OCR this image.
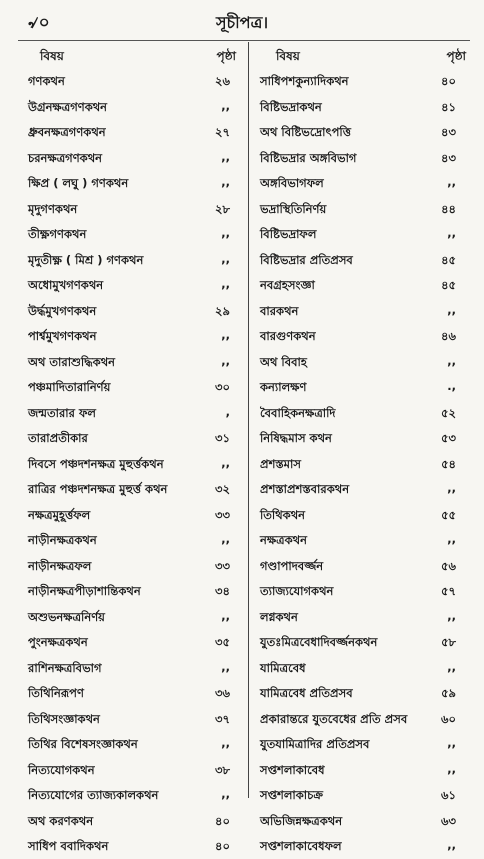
৵০	সূচীপত্র।
বিষয়	পৃষ্ঠা
গণকথন	২৬
উগ্রনক্ষত্রগণকথন	,,
ধ্রুবনক্ষত্রগণকথন	২৭
চরনক্ষত্রগণকথন	,,
ক্ষিপ্র ( লঘু ) গণকথন	,,
মৃদুগণকথন	২৮
তীক্ষ্ণগণকথন	,,
মৃদুতীক্ষ্ণ ( মিশ্র ) গণকথন	,,
অধোমুখগণকথন	,,
উর্দ্ধমুখগণকথন	২৯
পার্শ্বমুখগণকথন	,,
অথ তারাশুদ্ধিকথন	,,
পঞ্চমাদিতারানির্ণয়	৩০
জন্মতারার ফল	,
তারাপ্রতীকার	৩১
দিবসে পঞ্চদশনক্ষত্র মুহুর্ত্তকথন	,,
রাত্রির পঞ্চদশনক্ষত্র মুহুর্ত্ত কথন	৩২
নক্ষত্রমুহূর্ত্তফল	৩৩
নাড়ীনক্ষত্রকথন	,,
নাড়ীনক্ষত্রফল	৩৩
নাড়ীনক্ষত্রপীড়াশান্তিকথন	৩৪
অশুভনক্ষত্রনির্ণয়	,,
পুংনক্ষত্রকথন	৩৫
রাশিনক্ষত্রবিভাগ	,,
তিথিনিরূপণ	৩৬
তিথিসংজ্ঞাকথন	৩৭
তিথির বিশেষসংজ্ঞাকথন	,,
নিত্যযোগকথন	৩৮
নিত্যযোগের ত্যাজ্যকালকথন	,,
অথ করণকথন	৪০
সাধিপ ববাদিকথন	৪০
বিষয়	পৃষ্ঠা
সাধিপশকুন্যাদিকথন	৪০
বিষ্টিভদ্রাকথন	৪১
অথ বিষ্টিভদ্রোৎপত্তি	৪৩
বিষ্টিভদ্রার অঙ্গবিভাগ	৪৩
অঙ্গবিভাগফল	,,
ভদ্রাস্থিতিনির্ণয়	৪৪
বিষ্টিভদ্রাফল	,,
বিষ্টিভদ্রার প্রতিপ্রসব	৪৫
নবগ্রহসংজ্ঞা	৪৫
বারকথন	,,
বারগুণকথন	৪৬
অথ বিবাহ	,,
কন্যালক্ষণ	.,
বৈবাহিকনক্ষত্রাদি	৫২
নিষিদ্ধমাস কথন	৫৩
প্রশস্তমাস	৫৪
প্রশস্তাপ্রশস্তবারকথন	,,
তিথিকথন	৫৫
নক্ষত্রকথন	,,
গণ্ডাপাদবর্জ্জন	৫৬
ত্যাজ্যযোগকথন	৫৭
লগ্নকথন	,,
যুতঃমিত্রবেধাদিবর্জ্জনকথন	৫৮
যামিত্রবেধ	,,
যামিত্রবেধ প্রতিপ্রসব	৫৯
প্রকারান্তরে যুতবেধের প্রতি প্রসব	৬০
যুতযামিত্রাদির প্রতিপ্রসব	,,
সপ্তশলাকাবেধ	,,
সপ্তশলাকাচক্র	৬১
অভিজিন্নক্ষত্রকথন	৬৩
সপ্তশলাকাবেধফল	,,
